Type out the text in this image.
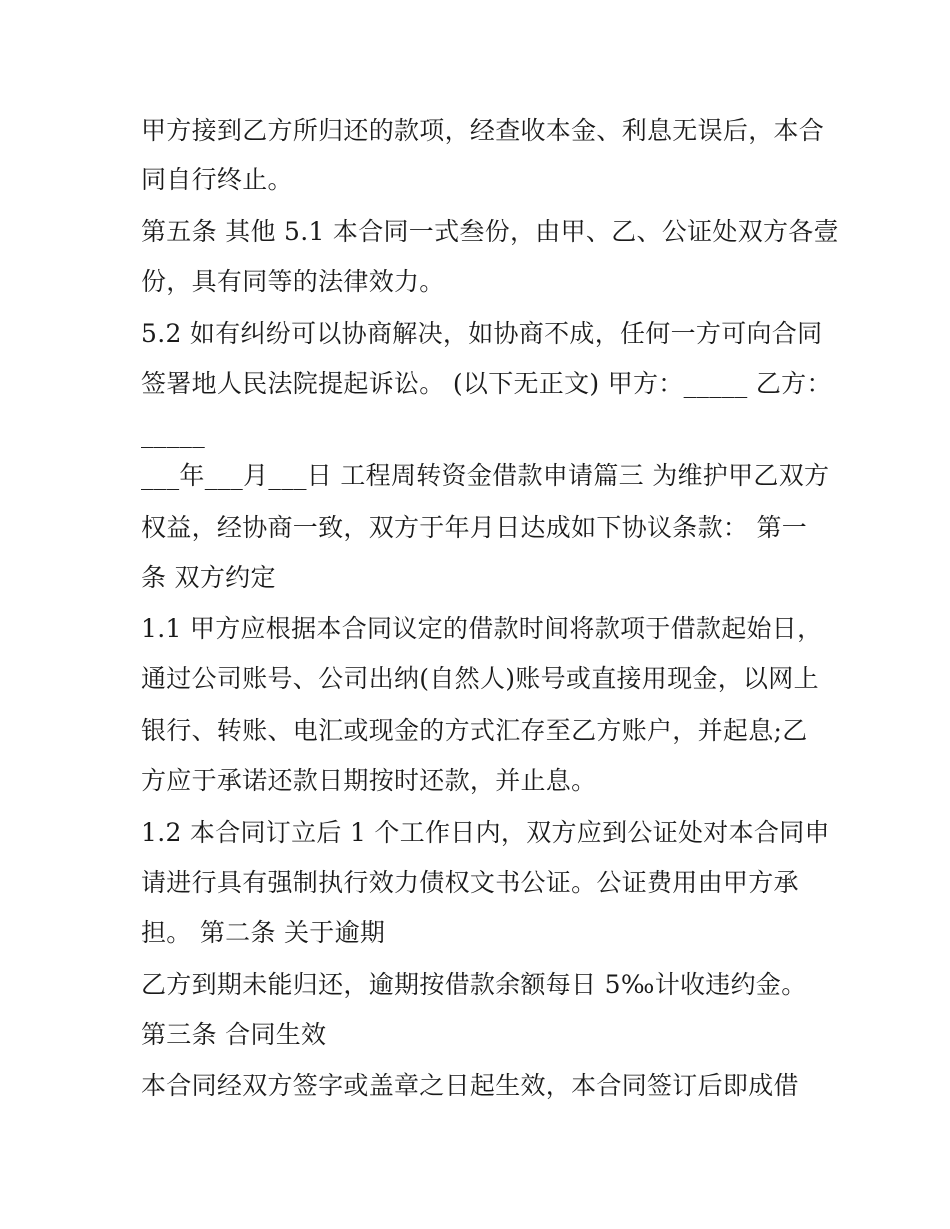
甲方接到乙方所归还的款项，经查收本金、利息无误后，本合
同自行终止。
第五条 其他 5.1 本合同一式叁份，由甲、乙、公证处双方各壹
份，具有同等的法律效力。
5.2 如有纠纷可以协商解决，如协商不成，任何一方可向合同
签署地人民法院提起诉讼。 (以下无正文) 甲方：_____ 乙方：
_____
___年___月___日 工程周转资金借款申请篇三 为维护甲乙双方
权益，经协商一致，双方于年月日达成如下协议条款： 第一
条 双方约定
1.1 甲方应根据本合同议定的借款时间将款项于借款起始日，
通过公司账号、公司出纳(自然人)账号或直接用现金，以网上
银行、转账、电汇或现金的方式汇存至乙方账户，并起息;乙
方应于承诺还款日期按时还款，并止息。
1.2 本合同订立后 1 个工作日内，双方应到公证处对本合同申
请进行具有强制执行效力债权文书公证。公证费用由甲方承
担。 第二条 关于逾期
乙方到期未能归还，逾期按借款余额每日 5‰计收违约金。
第三条 合同生效
本合同经双方签字或盖章之日起生效，本合同签订后即成借
